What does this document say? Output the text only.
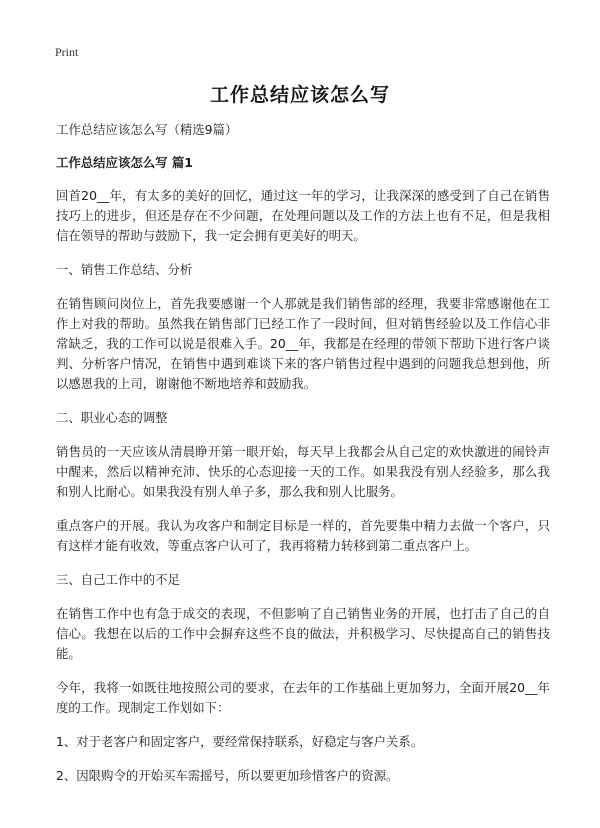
Print
工作总结应该怎么写

工作总结应该怎么写（精选9篇）

工作总结应该怎么写 篇1

回首20__年，有太多的美好的回忆，通过这一年的学习，让我深深的感受到了自己在销售技巧上的进步，但还是存在不少问题，在处理问题以及工作的方法上也有不足，但是我相信在领导的帮助与鼓励下，我一定会拥有更美好的明天。

一、销售工作总结、分析

在销售顾问岗位上，首先我要感谢一个人那就是我们销售部的经理，我要非常感谢他在工作上对我的帮助。虽然我在销售部门已经工作了一段时间，但对销售经验以及工作信心非常缺乏，我的工作可以说是很难入手。20__年，我都是在经理的带领下帮助下进行客户谈判、分析客户情况，在销售中遇到难谈下来的客户销售过程中遇到的问题我总想到他，所以感恩我的上司，谢谢他不断地培养和鼓励我。

二、职业心态的调整

销售员的一天应该从清晨睁开第一眼开始，每天早上我都会从自己定的欢快激进的闹铃声中醒来，然后以精神充沛、快乐的心态迎接一天的工作。如果我没有别人经验多，那么我和别人比耐心。如果我没有别人单子多，那么我和别人比服务。

重点客户的开展。我认为攻客户和制定目标是一样的，首先要集中精力去做一个客户，只有这样才能有收效，等重点客户认可了，我再将精力转移到第二重点客户上。

三、自己工作中的不足

在销售工作中也有急于成交的表现，不但影响了自己销售业务的开展，也打击了自己的自信心。我想在以后的工作中会摒弃这些不良的做法，并积极学习、尽快提高自己的销售技能。

今年，我将一如既往地按照公司的要求，在去年的工作基础上更加努力，全面开展20__年度的工作。现制定工作划如下：

1、对于老客户和固定客户，要经常保持联系，好稳定与客户关系。

2、因限购令的开始买车需摇号，所以要更加珍惜客户的资源。
